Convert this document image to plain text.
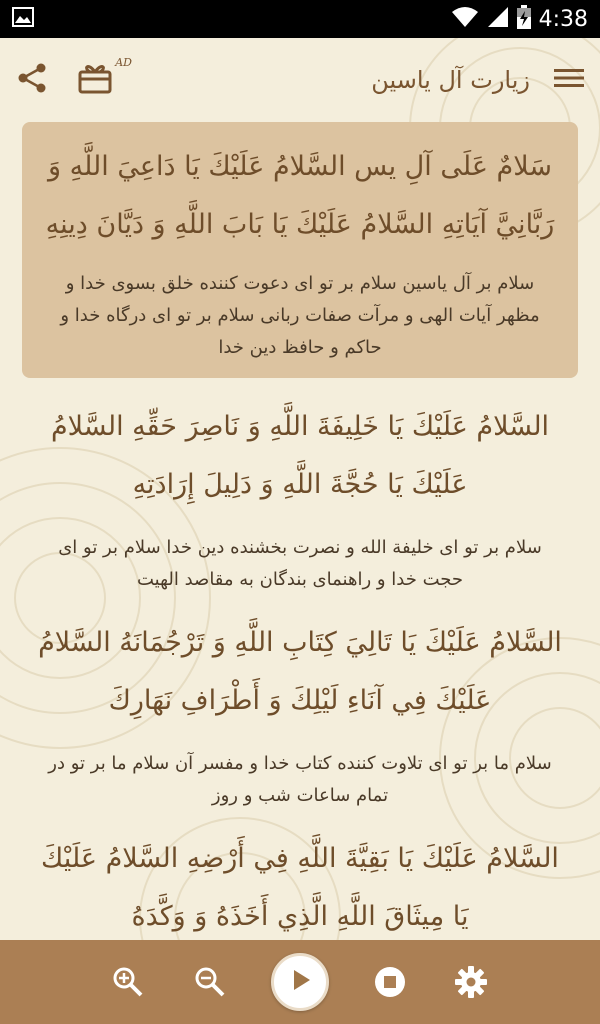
4:38
AD
زیارت آل یاسین
سَلامٌ عَلَى آلِ يس السَّلامُ عَلَيْكَ يَا دَاعِيَ اللَّهِ وَ رَبَّانِيَّ آيَاتِهِ السَّلامُ عَلَيْكَ يَا بَابَ اللَّهِ وَ دَيَّانَ دِينِهِ
سلام بر آل یاسین سلام بر تو ای دعوت کننده خلق بسوی خدا و مظهر آیات الهی و مرآت صفات ربانی سلام بر تو ای درگاه خدا و حاکم و حافظ دین خدا
السَّلامُ عَلَيْكَ يَا خَلِيفَةَ اللَّهِ وَ نَاصِرَ حَقِّهِ السَّلامُ عَلَيْكَ يَا حُجَّةَ اللَّهِ وَ دَلِيلَ إِرَادَتِهِ
سلام بر تو ای خلیفة الله و نصرت بخشنده دین خدا سلام بر تو ای حجت خدا و راهنمای بندگان به مقاصد الهیت
السَّلامُ عَلَيْكَ يَا تَالِيَ كِتَابِ اللَّهِ وَ تَرْجُمَانَهُ السَّلامُ عَلَيْكَ فِي آنَاءِ لَيْلِكَ وَ أَطْرَافِ نَهَارِكَ
سلام ما بر تو ای تلاوت کننده کتاب خدا و مفسر آن سلام ما بر تو در تمام ساعات شب و روز
السَّلامُ عَلَيْكَ يَا بَقِيَّةَ اللَّهِ فِي أَرْضِهِ السَّلامُ عَلَيْكَ يَا مِيثَاقَ اللَّهِ الَّذِي أَخَذَهُ وَ وَكَّدَهُ
